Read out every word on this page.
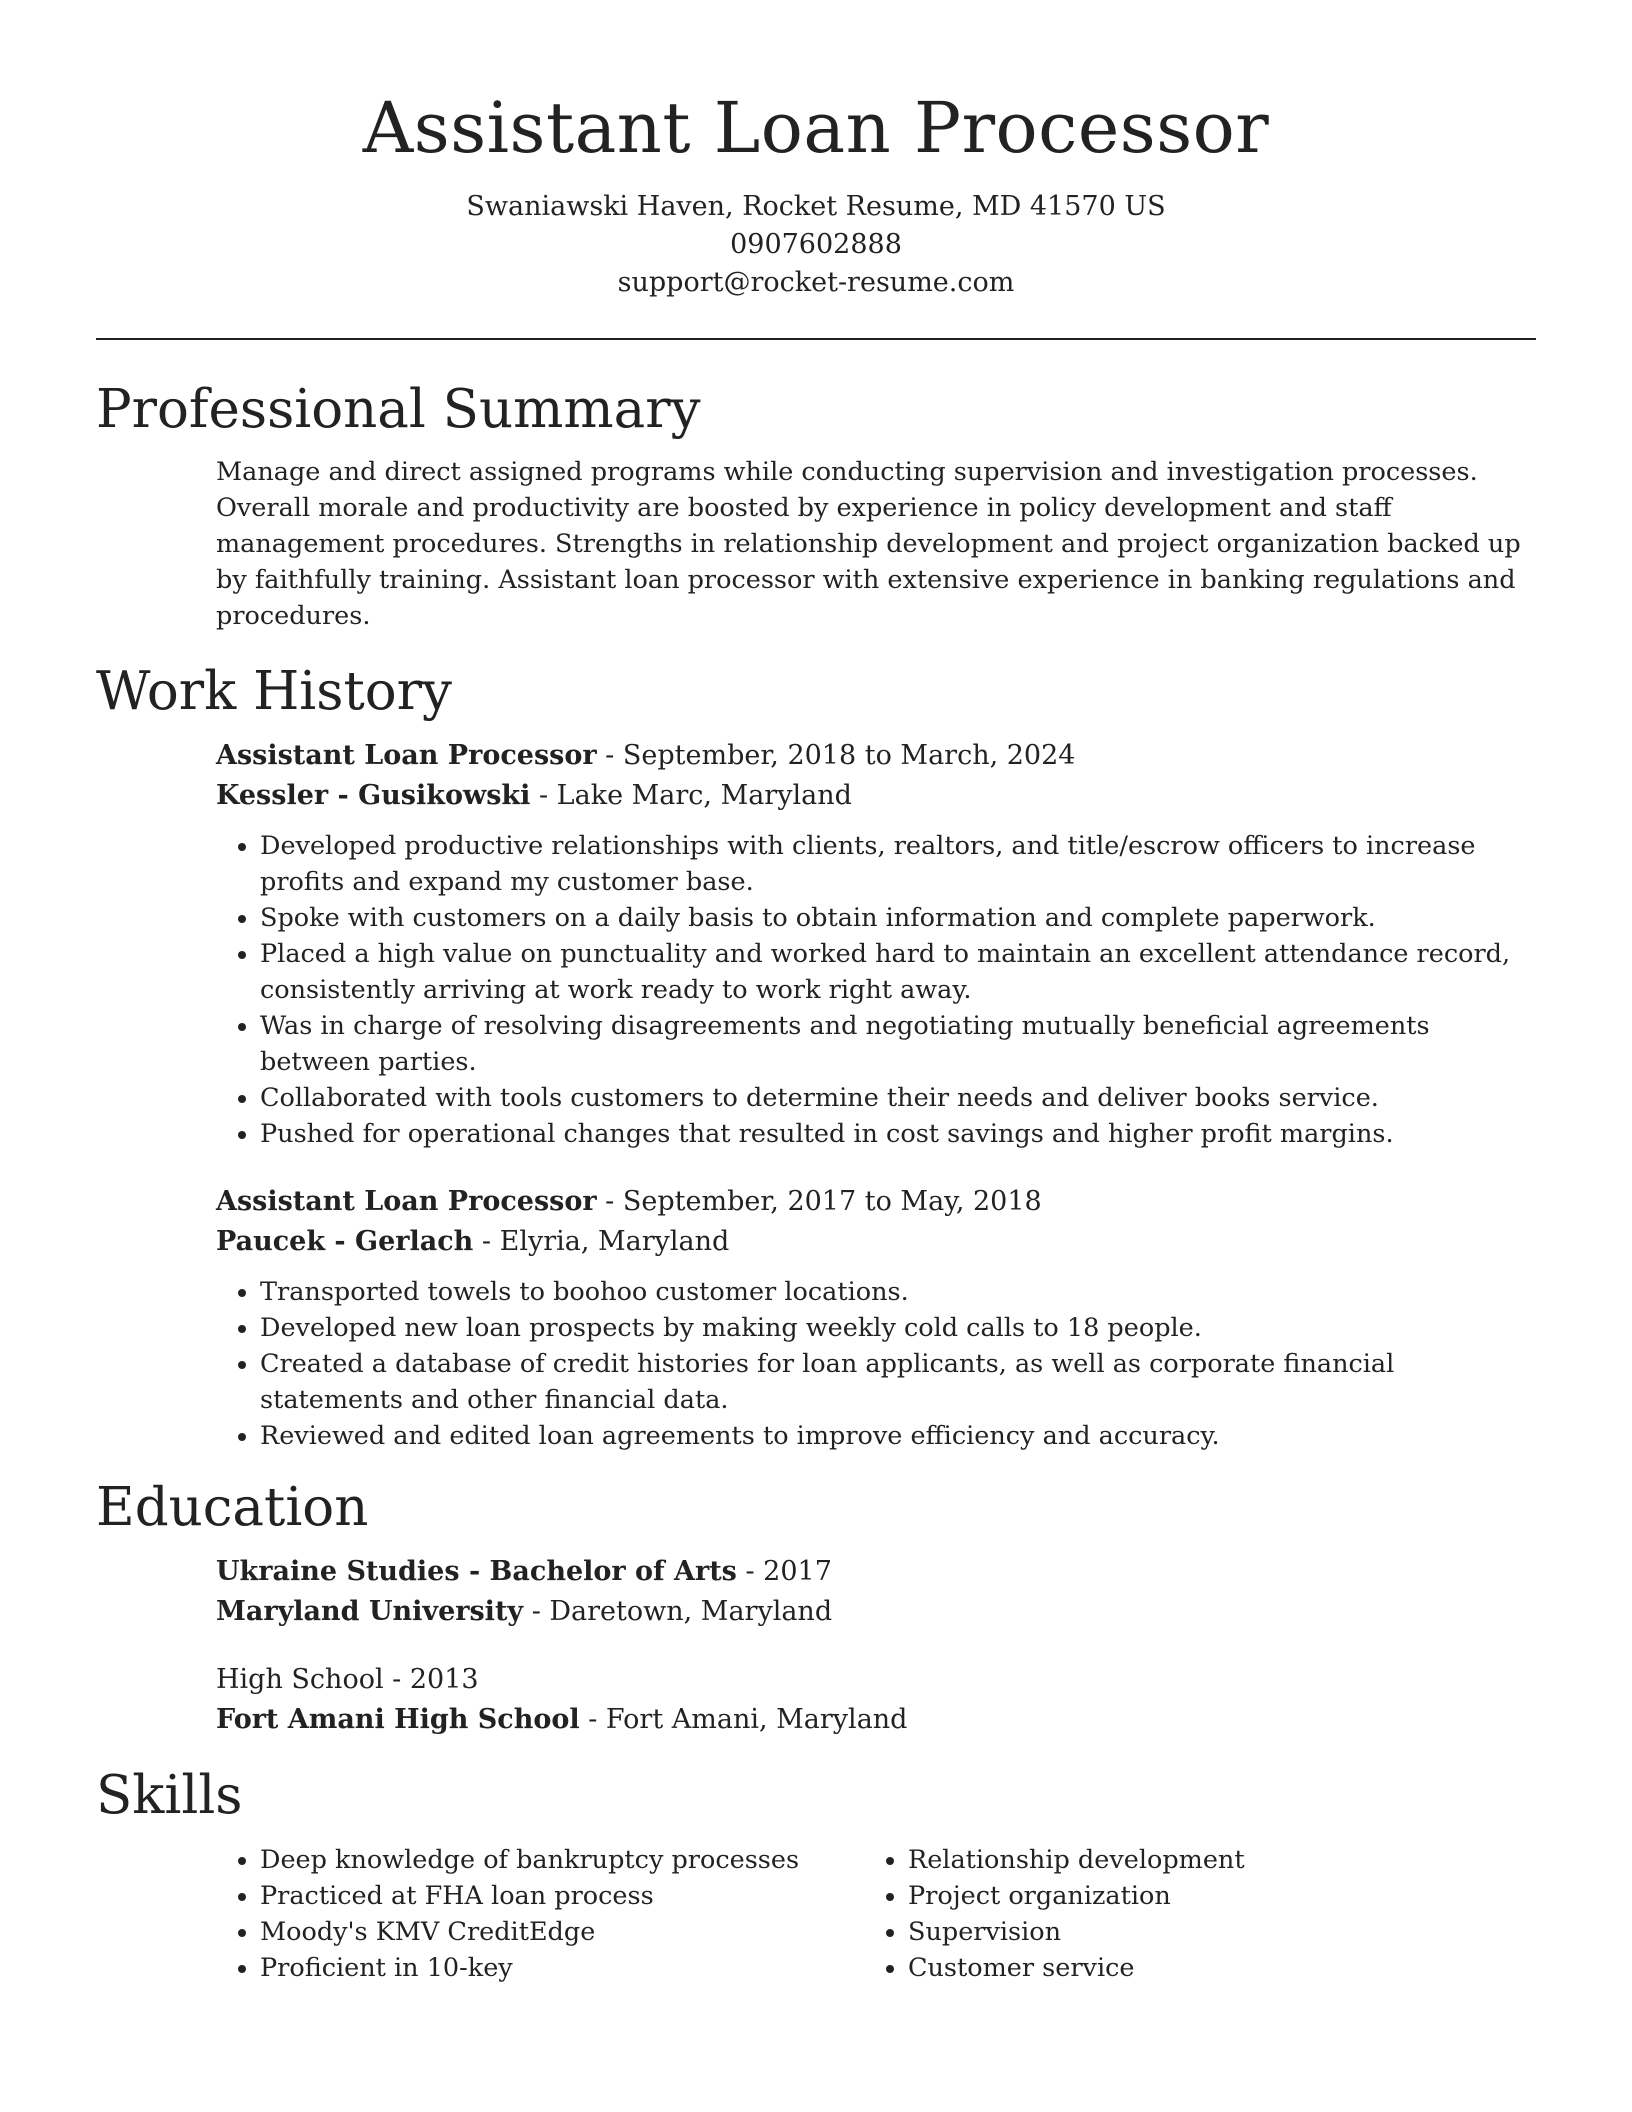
Assistant Loan Processor
Swaniawski Haven, Rocket Resume, MD 41570 US
0907602888
support@rocket-resume.com
Professional Summary
Manage and direct assigned programs while conducting supervision and investigation processes. Overall morale and productivity are boosted by experience in policy development and staff management procedures. Strengths in relationship development and project organization backed up by faithfully training. Assistant loan processor with extensive experience in banking regulations and procedures.
Work History
Assistant Loan Processor - September, 2018 to March, 2024
Kessler - Gusikowski - Lake Marc, Maryland
• Developed productive relationships with clients, realtors, and title/escrow officers to increase profits and expand my customer base.
• Spoke with customers on a daily basis to obtain information and complete paperwork.
• Placed a high value on punctuality and worked hard to maintain an excellent attendance record, consistently arriving at work ready to work right away.
• Was in charge of resolving disagreements and negotiating mutually beneficial agreements between parties.
• Collaborated with tools customers to determine their needs and deliver books service.
• Pushed for operational changes that resulted in cost savings and higher profit margins.
Assistant Loan Processor - September, 2017 to May, 2018
Paucek - Gerlach - Elyria, Maryland
• Transported towels to boohoo customer locations.
• Developed new loan prospects by making weekly cold calls to 18 people.
• Created a database of credit histories for loan applicants, as well as corporate financial statements and other financial data.
• Reviewed and edited loan agreements to improve efficiency and accuracy.
Education
Ukraine Studies - Bachelor of Arts - 2017
Maryland University - Daretown, Maryland
High School - 2013
Fort Amani High School - Fort Amani, Maryland
Skills
• Deep knowledge of bankruptcy processes
• Practiced at FHA loan process
• Moody's KMV CreditEdge
• Proficient in 10-key
• Relationship development
• Project organization
• Supervision
• Customer service
